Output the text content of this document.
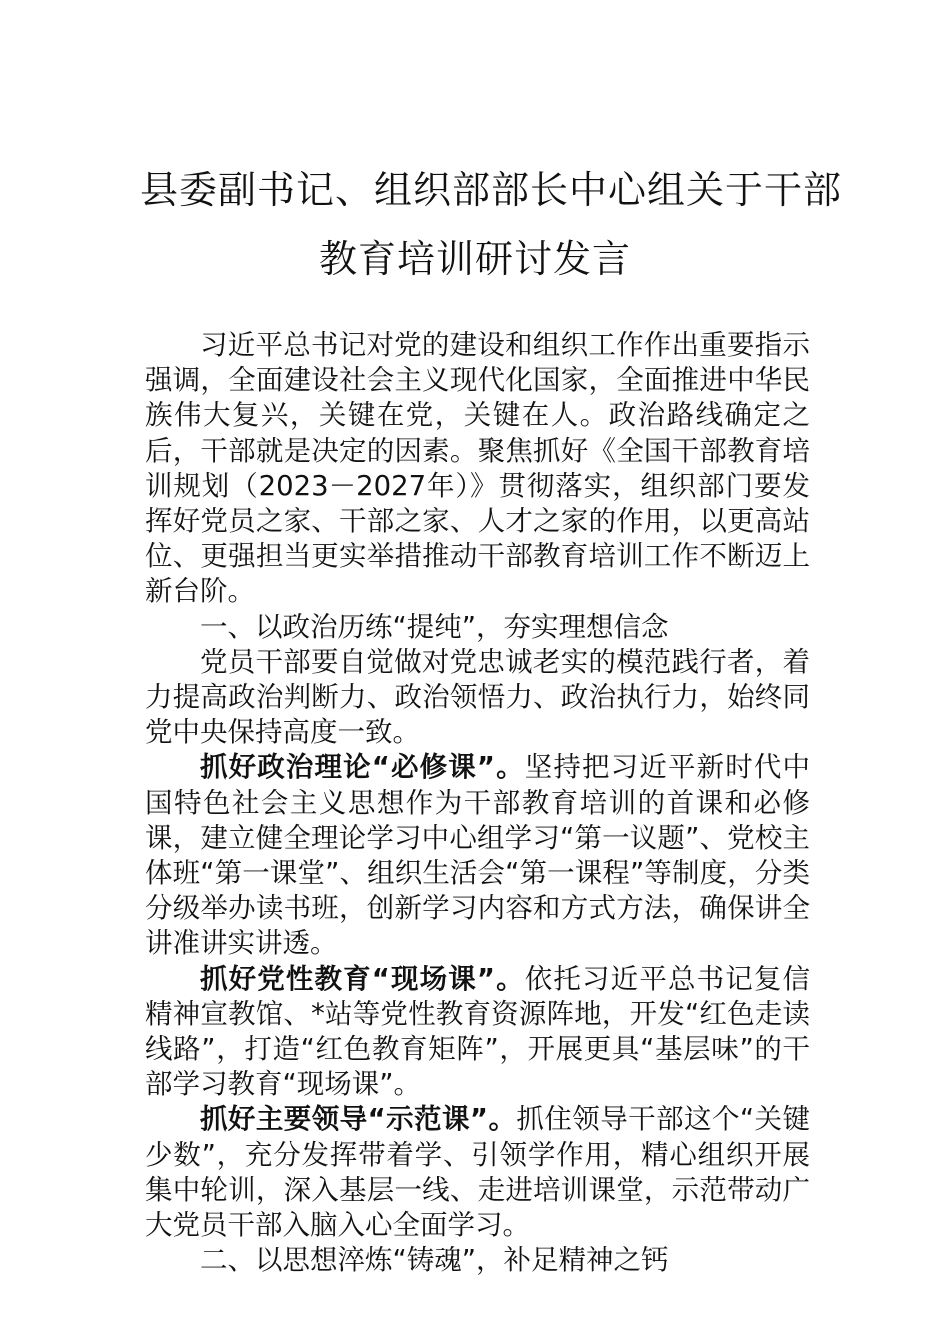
县委副书记、组织部部长中心组关于干部
教育培训研讨发言

习近平总书记对党的建设和组织工作作出重要指示强调，全面建设社会主义现代化国家，全面推进中华民族伟大复兴，关键在党，关键在人。政治路线确定之后，干部就是决定的因素。聚焦抓好《全国干部教育培训规划（2023－2027年）》贯彻落实，组织部门要发挥好党员之家、干部之家、人才之家的作用，以更高站位、更强担当更实举措推动干部教育培训工作不断迈上新台阶。

一、以政治历练“提纯”，夯实理想信念

党员干部要自觉做对党忠诚老实的模范践行者，着力提高政治判断力、政治领悟力、政治执行力，始终同党中央保持高度一致。

抓好政治理论“必修课”。坚持把习近平新时代中国特色社会主义思想作为干部教育培训的首课和必修课，建立健全理论学习中心组学习“第一议题”、党校主体班“第一课堂”、组织生活会“第一课程”等制度，分类分级举办读书班，创新学习内容和方式方法，确保讲全讲准讲实讲透。

抓好党性教育“现场课”。依托习近平总书记复信精神宣教馆、*站等党性教育资源阵地，开发“红色走读线路”，打造“红色教育矩阵”，开展更具“基层味”的干部学习教育“现场课”。

抓好主要领导“示范课”。抓住领导干部这个“关键少数”，充分发挥带着学、引领学作用，精心组织开展集中轮训，深入基层一线、走进培训课堂，示范带动广大党员干部入脑入心全面学习。

二、以思想淬炼“铸魂”，补足精神之钙
